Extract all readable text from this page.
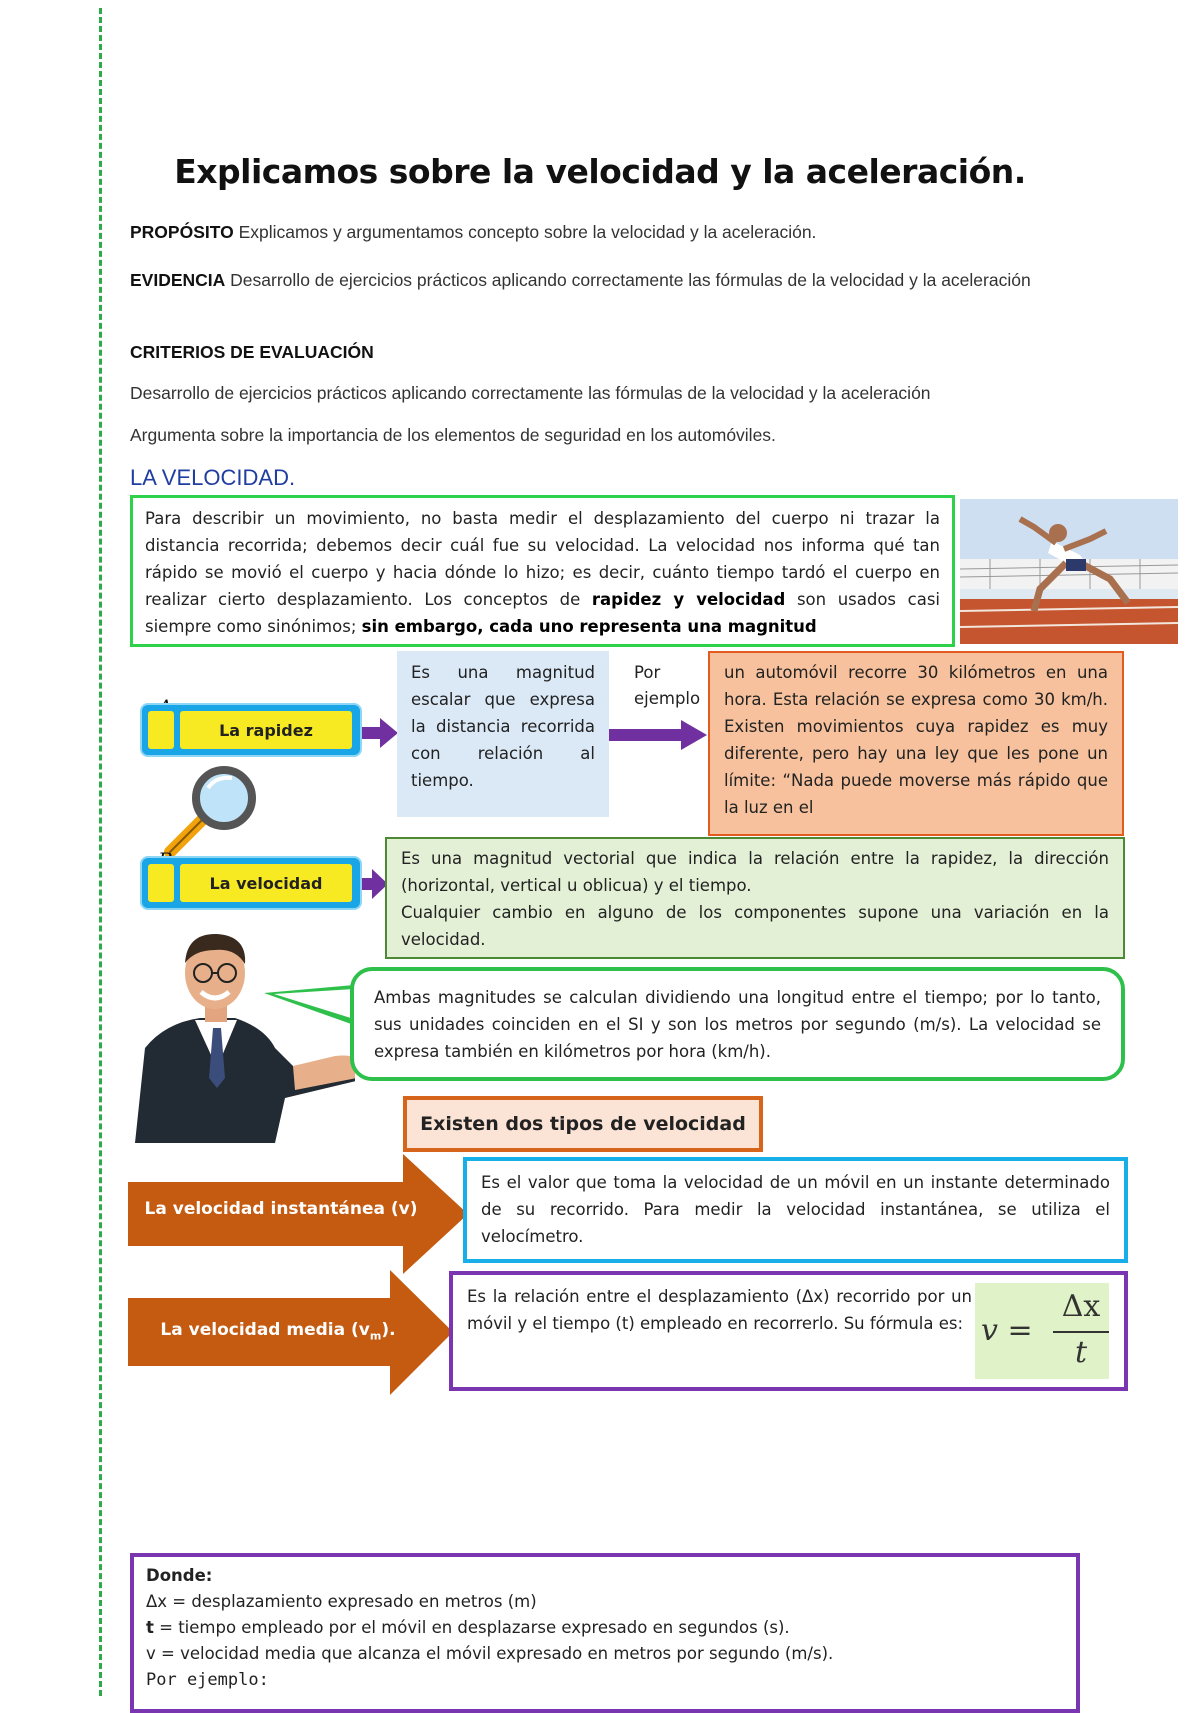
Explicamos sobre la velocidad y la aceleración.
PROPÓSITO Explicamos y argumentamos concepto sobre la velocidad y la aceleración.
EVIDENCIA Desarrollo de ejercicios prácticos aplicando correctamente las fórmulas de la velocidad y la aceleración
CRITERIOS DE EVALUACIÓN
Desarrollo de ejercicios prácticos aplicando correctamente las fórmulas de la velocidad y la aceleración
Argumenta sobre la importancia de los elementos de seguridad en los automóviles.
LA VELOCIDAD.
Para describir un movimiento, no basta medir el desplazamiento del cuerpo ni trazar la distancia recorrida; debemos decir cuál fue su velocidad. La velocidad nos informa qué tan rápido se movió el cuerpo y hacia dónde lo hizo; es decir, cuánto tiempo tardó el cuerpo en realizar cierto desplazamiento. Los conceptos de rapidez y velocidad son usados casi siempre como sinónimos; sin embargo, cada uno representa una magnitud
La rapidez
Es una magnitud escalar que expresa la distancia recorrida con relación al tiempo.
Por ejemplo
un automóvil recorre 30 kilómetros en una hora. Esta relación se expresa como 30 km/h. Existen movimientos cuya rapidez es muy diferente, pero hay una ley que les pone un límite: “Nada puede moverse más rápido que la luz en el
La velocidad
Es una magnitud vectorial que indica la relación entre la rapidez, la dirección (horizontal, vertical u oblicua) y el tiempo.
Cualquier cambio en alguno de los componentes supone una variación en la velocidad.
Ambas magnitudes se calculan dividiendo una longitud entre el tiempo; por lo tanto, sus unidades coinciden en el SI y son los metros por segundo (m/s). La velocidad se expresa también en kilómetros por hora (km/h).
Existen dos tipos de velocidad
La velocidad instantánea (v)
Es el valor que toma la velocidad de un móvil en un instante determinado de su recorrido. Para medir la velocidad instantánea, se utiliza el velocímetro.
La velocidad media $(v_m)$.
Es la relación entre el desplazamiento (Δx) recorrido por un móvil y el tiempo (t) empleado en recorrerlo. Su fórmula es: v =
Δx
t
Donde:
Δx = desplazamiento expresado en metros (m)
t = tiempo empleado por el móvil en desplazarse expresado en segundos (s).
v = velocidad media que alcanza el móvil expresado en metros por segundo (m/s).
Por ejemplo:
